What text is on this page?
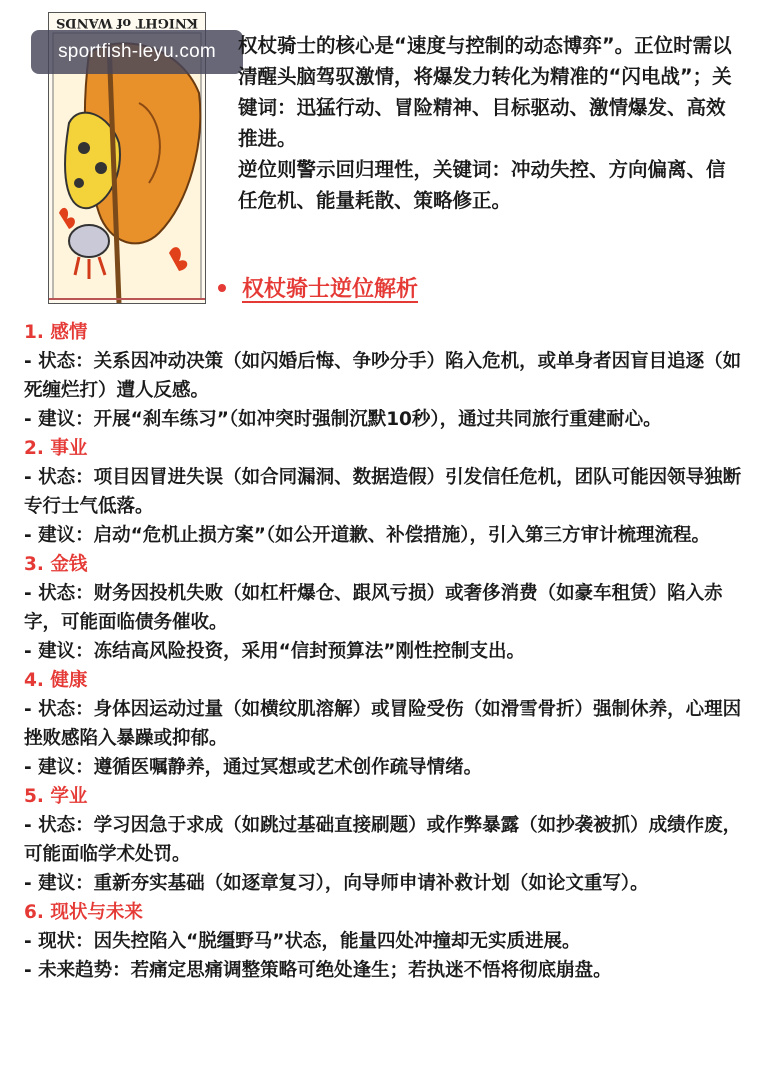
KNIGHT of WANDS
sportfish-leyu.com	权杖骑士的核心是“速度与控制的动态博弈”。正位时需以清醒头脑驾驭激情，将爆发力转化为精准的“闪电战”；关键词：迅猛行动、冒险精神、目标驱动、激情爆发、高效推进。

逆位则警示回归理性，关键词：冲动失控、方向偏离、信任危机、能量耗散、策略修正。

权杖骑士逆位解析

1. 感情

- 状态：关系因冲动决策（如闪婚后悔、争吵分手）陷入危机，或单身者因盲目追逐（如死缠烂打）遭人反感。

- 建议：开展“刹车练习”（如冲突时强制沉默10秒），通过共同旅行重建耐心。

2. 事业

- 状态：项目因冒进失误（如合同漏洞、数据造假）引发信任危机，团队可能因领导独断专行士气低落。

- 建议：启动“危机止损方案”（如公开道歉、补偿措施），引入第三方审计梳理流程。

3. 金钱

- 状态：财务因投机失败（如杠杆爆仓、跟风亏损）或奢侈消费（如豪车租赁）陷入赤字，可能面临债务催收。

- 建议：冻结高风险投资，采用“信封预算法”刚性控制支出。

4. 健康

- 状态：身体因运动过量（如横纹肌溶解）或冒险受伤（如滑雪骨折）强制休养，心理因挫败感陷入暴躁或抑郁。

- 建议：遵循医嘱静养，通过冥想或艺术创作疏导情绪。

5. 学业

- 状态：学习因急于求成（如跳过基础直接刷题）或作弊暴露（如抄袭被抓）成绩作废，可能面临学术处罚。

- 建议：重新夯实基础（如逐章复习），向导师申请补救计划（如论文重写）。

6. 现状与未来

- 现状：因失控陷入“脱缰野马”状态，能量四处冲撞却无实质进展。

- 未来趋势：若痛定思痛调整策略可绝处逢生；若执迷不悟将彻底崩盘。
